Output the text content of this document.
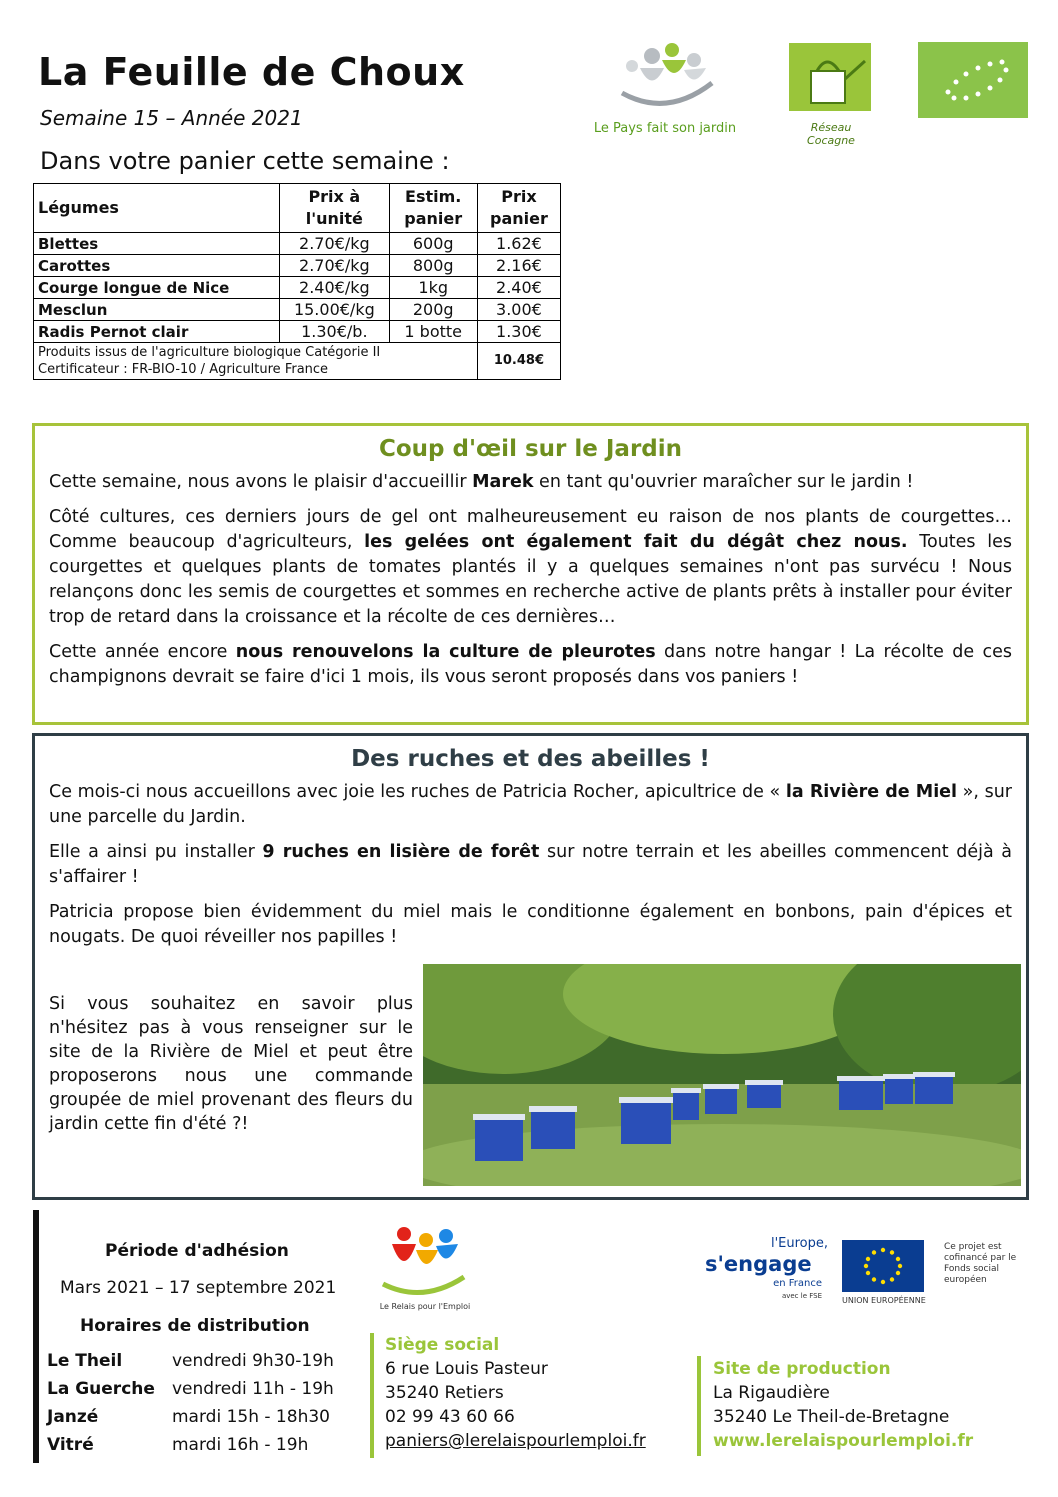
La Feuille de Choux
Semaine 15 – Année 2021
Dans votre panier cette semaine :
Le Pays fait son jardin	Réseau Cocagne
Légumes	Prix à l'unité	Estim. panier	Prix panier
Blettes	2.70€/kg	600g	1.62€
Carottes	2.70€/kg	800g	2.16€
Courge longue de Nice	2.40€/kg	1kg	2.40€
Mesclun	15.00€/kg	200g	3.00€
Radis Pernot clair	1.30€/b.	1 botte	1.30€

Produits issus de l'agriculture biologique Catégorie II
Certificateur : FR-BIO-10 / Agriculture France			10.48€
Coup d'œil sur le Jardin

Cette semaine, nous avons le plaisir d'accueillir Marek en tant qu'ouvrier maraîcher sur le jardin !

Côté cultures, ces derniers jours de gel ont malheureusement eu raison de nos plants de courgettes… Comme beaucoup d'agriculteurs, les gelées ont également fait du dégât chez nous. Toutes les courgettes et quelques plants de tomates plantés il y a quelques semaines n'ont pas survécu ! Nous relançons donc les semis de courgettes et sommes en recherche active de plants prêts à installer pour éviter trop de retard dans la croissance et la récolte de ces dernières…

Cette année encore nous renouvelons la culture de pleurotes dans notre hangar ! La récolte de ces champignons devrait se faire d'ici 1 mois, ils vous seront proposés dans vos paniers !

Des ruches et des abeilles !

Ce mois-ci nous accueillons avec joie les ruches de Patricia Rocher, apicultrice de « la Rivière de Miel », sur une parcelle du Jardin.

Elle a ainsi pu installer 9 ruches en lisière de forêt sur notre terrain et les abeilles commencent déjà à s'affairer !

Patricia propose bien évidemment du miel mais le conditionne également en bonbons, pain d'épices et nougats. De quoi réveiller nos papilles !

Si vous souhaitez en savoir plus n'hésitez pas à vous renseigner sur le site de la Rivière de Miel et peut être proposerons nous une commande groupée de miel provenant des fleurs du jardin cette fin d'été ?!
Période d'adhésion
Mars 2021 – 17 septembre 2021
Horaires de distribution
Le Theil	vendredi 9h30-19h
La Guerche vendredi 11h - 19h
Janzé	mardi 15h - 18h30
Vitré	mardi 16h - 19h
Le Relais pour l'Emploi
l'Europe,
s'engage
en France
avec le FSE	UNION EUROPÉENNE
Ce projet est cofinancé par le Fonds social européen
Siège social
6 rue Louis Pasteur
35240 Retiers
02 99 43 60 66
paniers@lerelaispourlemploi.fr
Site de production
La Rigaudière
35240 Le Theil-de-Bretagne
www.lerelaispourlemploi.fr
